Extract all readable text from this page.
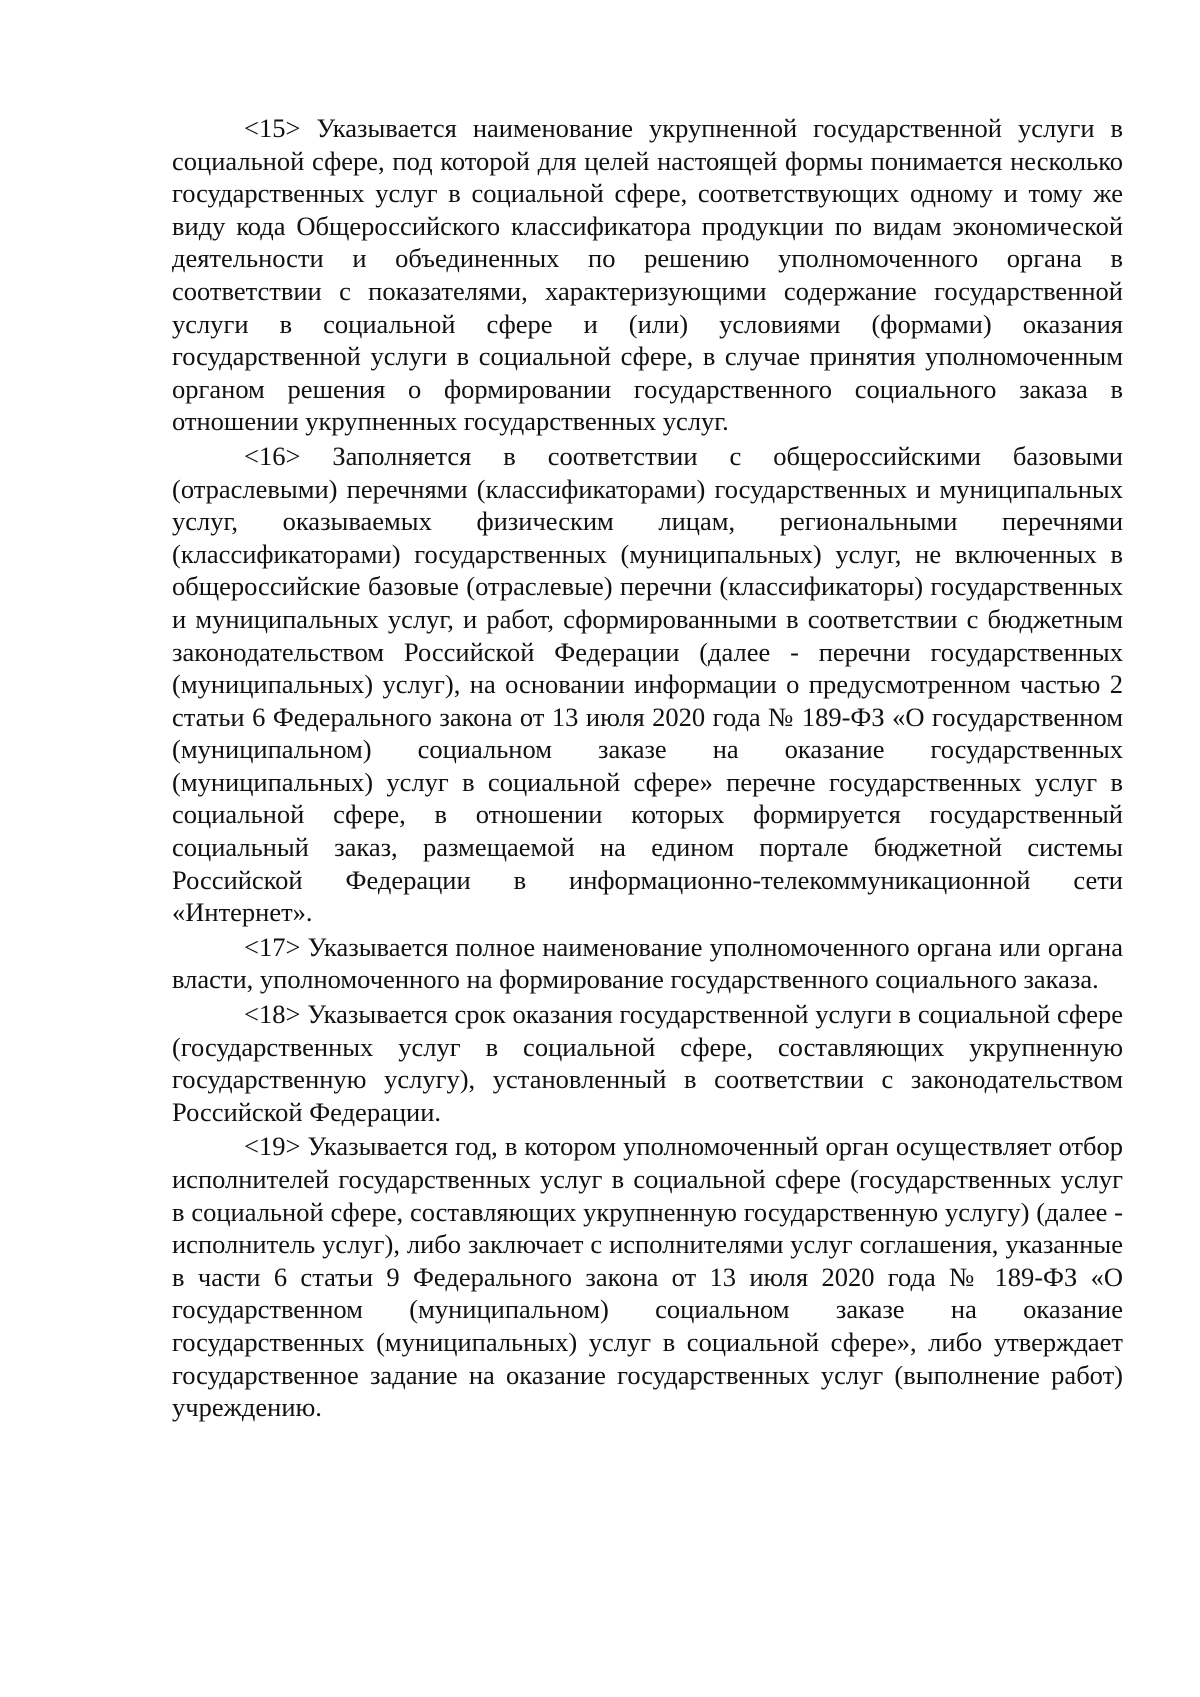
<15> Указывается наименование укрупненной государственной услуги в социальной сфере, под которой для целей настоящей формы понимается несколько государственных услуг в социальной сфере, соответствующих одному и тому же виду кода Общероссийского классификатора продукции по видам экономической деятельности и объединенных по решению уполномоченного органа в соответствии с показателями, характеризующими содержание государственной услуги в социальной сфере и (или) условиями (формами) оказания государственной услуги в социальной сфере, в случае принятия уполномоченным органом решения о формировании государственного социального заказа в отношении укрупненных государственных услуг.

<16> Заполняется в соответствии с общероссийскими базовыми (отраслевыми) перечнями (классификаторами) государственных и муниципальных услуг, оказываемых физическим лицам, региональными перечнями (классификаторами) государственных (муниципальных) услуг, не включенных в общероссийские базовые (отраслевые) перечни (классификаторы) государственных и муниципальных услуг, и работ, сформированными в соответствии с бюджетным законодательством Российской Федерации (далее - перечни государственных (муниципальных) услуг), на основании информации о предусмотренном частью 2 статьи 6 Федерального закона от 13 июля 2020 года № 189-ФЗ «О государственном (муниципальном) социальном заказе на оказание государственных (муниципальных) услуг в социальной сфере» перечне государственных услуг в социальной сфере, в отношении которых формируется государственный социальный заказ, размещаемой на едином портале бюджетной системы Российской Федерации в информационно-телекоммуникационной сети «Интернет».

<17> Указывается полное наименование уполномоченного органа или органа власти, уполномоченного на формирование государственного социального заказа.

<18> Указывается срок оказания государственной услуги в социальной сфере (государственных услуг в социальной сфере, составляющих укрупненную государственную услугу), установленный в соответствии с законодательством Российской Федерации.

<19> Указывается год, в котором уполномоченный орган осуществляет отбор исполнителей государственных услуг в социальной сфере (государственных услуг в социальной сфере, составляющих укрупненную государственную услугу) (далее - исполнитель услуг), либо заключает с исполнителями услуг соглашения, указанные в части 6 статьи 9 Федерального закона от 13 июля 2020 года № 189-ФЗ «О государственном (муниципальном) социальном заказе на оказание государственных (муниципальных) услуг в социальной сфере», либо утверждает государственное задание на оказание государственных услуг (выполнение работ) учреждению.
